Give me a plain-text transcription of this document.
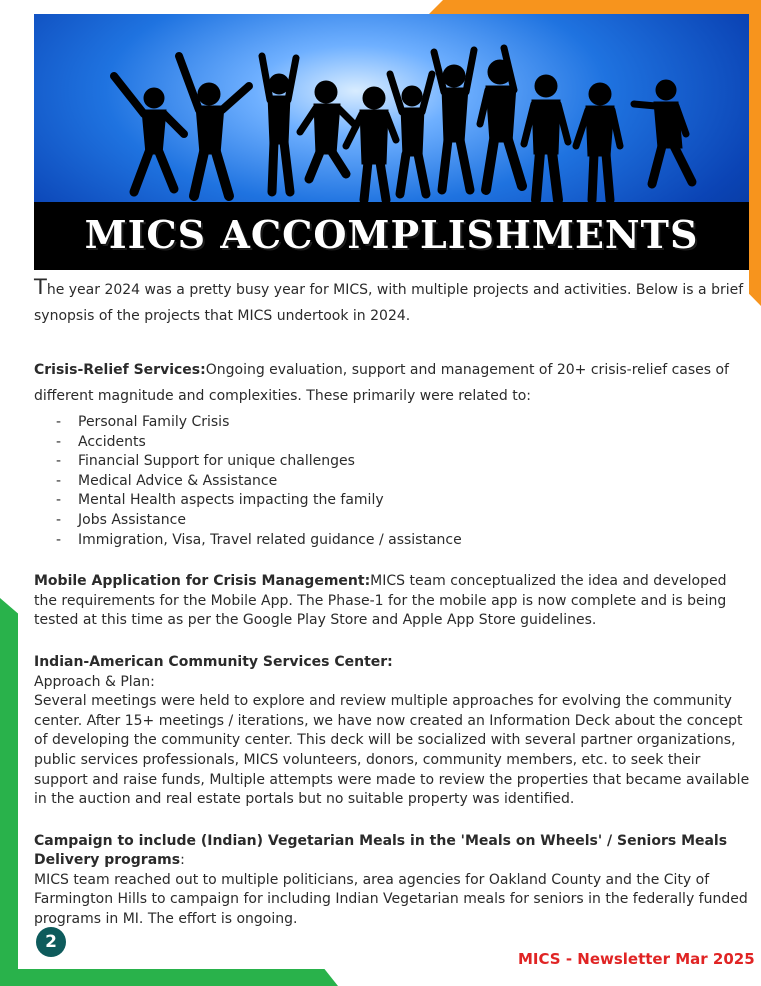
MICS ACCOMPLISHMENTS

The year 2024 was a pretty busy year for MICS, with multiple projects and activities. Below is a brief synopsis of the projects that MICS undertook in 2024.

Crisis-Relief Services:Ongoing evaluation, support and management of 20+ crisis-relief cases of different magnitude and complexities. These primarily were related to:

- Personal Family Crisis
- Accidents
- Financial Support for unique challenges
- Medical Advice & Assistance
- Mental Health aspects impacting the family
- Jobs Assistance
- Immigration, Visa, Travel related guidance / assistance

Mobile Application for Crisis Management:MICS team conceptualized the idea and developed the requirements for the Mobile App. The Phase-1 for the mobile app is now complete and is being tested at this time as per the Google Play Store and Apple App Store guidelines.

Indian-American Community Services Center:

Approach & Plan:

Several meetings were held to explore and review multiple approaches for evolving the community center. After 15+ meetings / iterations, we have now created an Information Deck about the concept of developing the community center. This deck will be socialized with several partner organizations, public services professionals, MICS volunteers, donors, community members, etc. to seek their support and raise funds, Multiple attempts were made to review the properties that became available in the auction and real estate portals but no suitable property was identified.

Campaign to include (Indian) Vegetarian Meals in the 'Meals on Wheels' / Seniors Meals Delivery programs:

MICS team reached out to multiple politicians, area agencies for Oakland County and the City of Farmington Hills to campaign for including Indian Vegetarian meals for seniors in the federally funded programs in MI. The effort is ongoing.

2
MICS - Newsletter Mar 2025
